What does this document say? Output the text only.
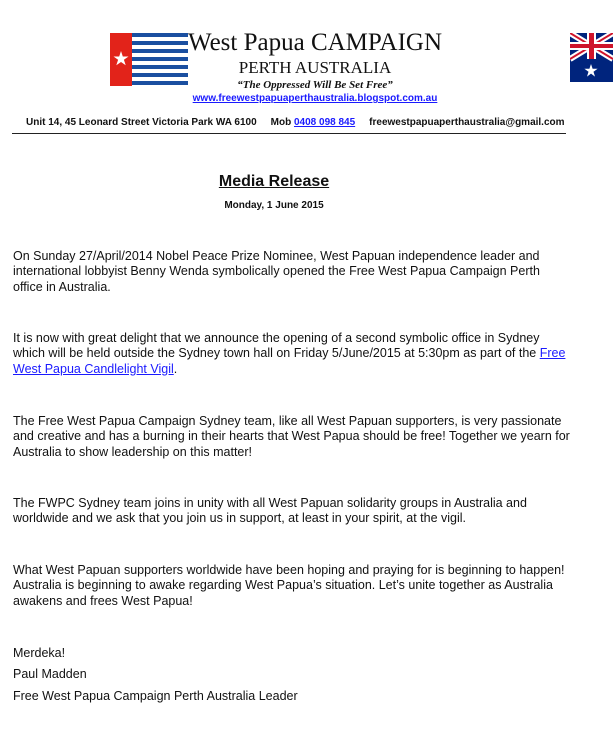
West Papua CAMPAIGN
PERTH AUSTRALIA
“The Oppressed Will Be Set Free”
www.freewestpapuaperthaustralia.blogspot.com.au
Unit 14, 45 Leonard Street Victoria Park WA 6100 Mob 0408 098 845 freewestpapuaperthaustralia@gmail.com
Media Release
Monday, 1 June 2015

On Sunday 27/April/2014 Nobel Peace Prize Nominee, West Papuan independence leader and international lobbyist Benny Wenda symbolically opened the Free West Papua Campaign Perth office in Australia.

It is now with great delight that we announce the opening of a second symbolic office in Sydney which will be held outside the Sydney town hall on Friday 5/June/2015 at 5:30pm as part of the Free West Papua Candlelight Vigil.

The Free West Papua Campaign Sydney team, like all West Papuan supporters, is very passionate and creative and has a burning in their hearts that West Papua should be free! Together we yearn for Australia to show leadership on this matter!

The FWPC Sydney team joins in unity with all West Papuan solidarity groups in Australia and worldwide and we ask that you join us in support, at least in your spirit, at the vigil.

What West Papuan supporters worldwide have been hoping and praying for is beginning to happen! Australia is beginning to awake regarding West Papua’s situation. Let’s unite together as Australia awakens and frees West Papua!

Merdeka!
Paul Madden
Free West Papua Campaign Perth Australia Leader
